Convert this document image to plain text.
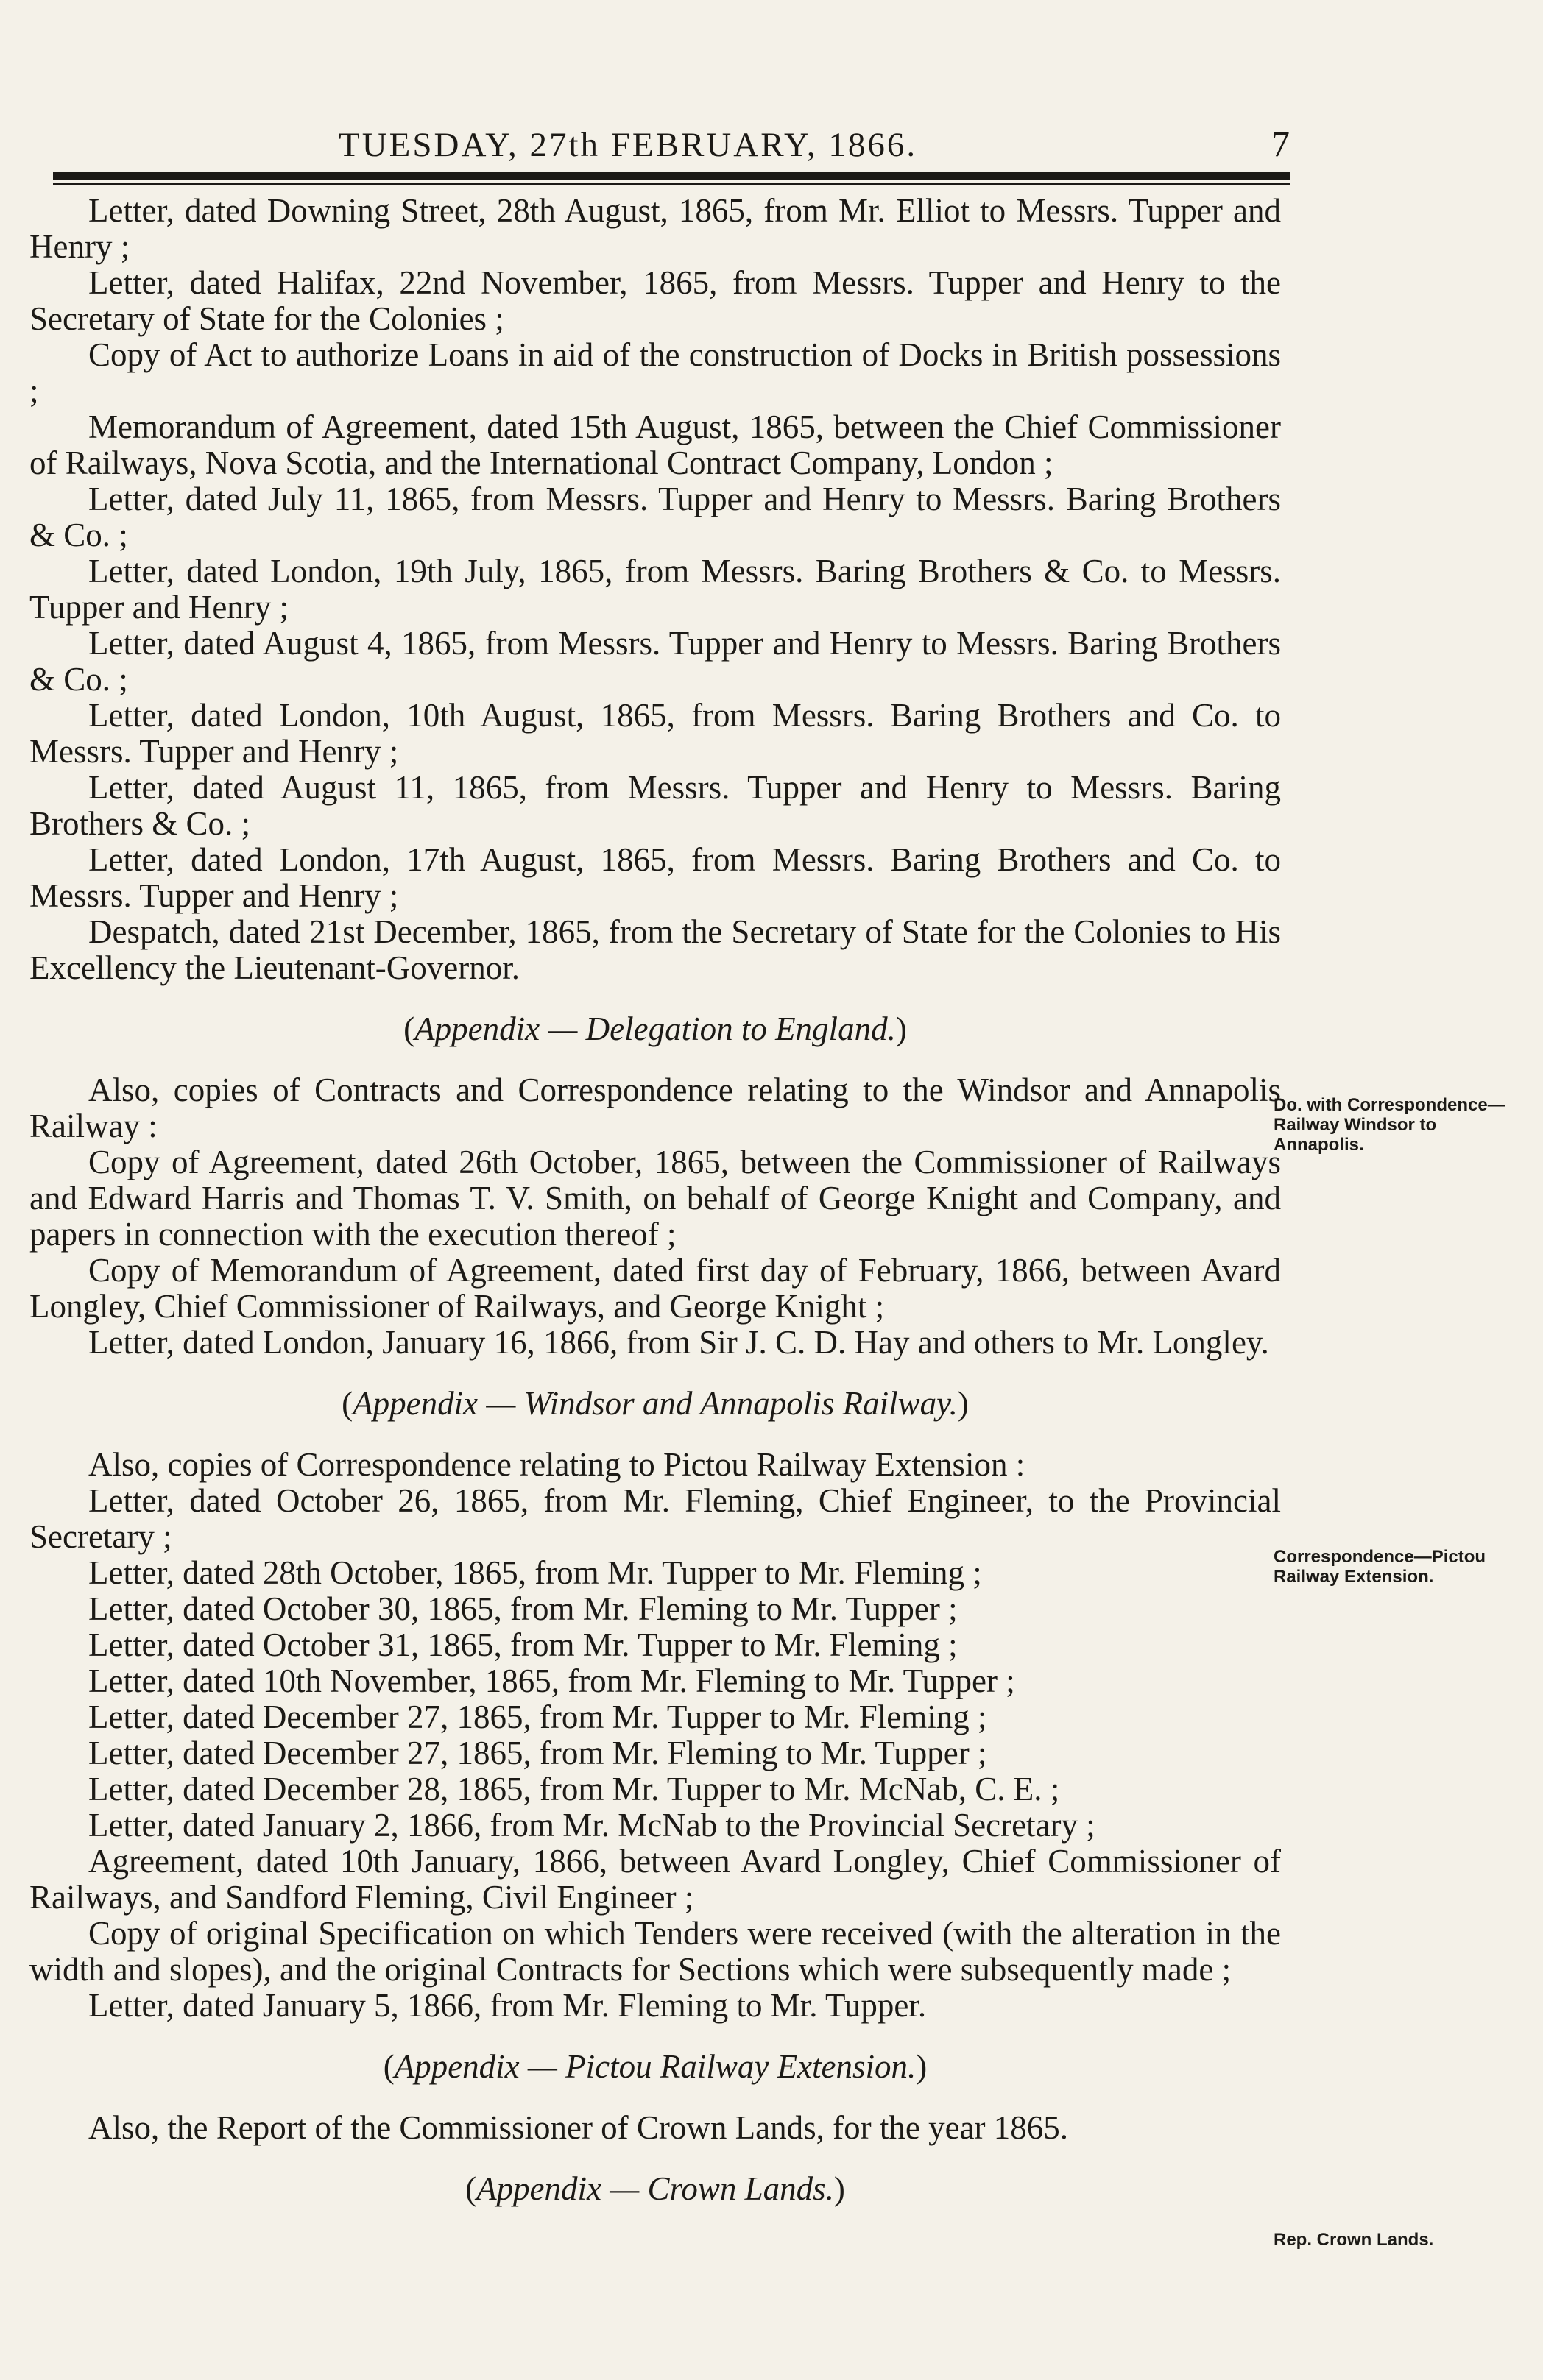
TUESDAY, 27th FEBRUARY, 1866.	7

Letter, dated Downing Street, 28th August, 1865, from Mr. Elliot to Messrs. Tupper and Henry ;

Letter, dated Halifax, 22nd November, 1865, from Messrs. Tupper and Henry to the Secretary of State for the Colonies ;

Copy of Act to authorize Loans in aid of the construction of Docks in British possessions ;

Memorandum of Agreement, dated 15th August, 1865, between the Chief Commissioner of Railways, Nova Scotia, and the International Contract Company, London ;

Letter, dated July 11, 1865, from Messrs. Tupper and Henry to Messrs. Baring Brothers & Co. ;

Letter, dated London, 19th July, 1865, from Messrs. Baring Brothers & Co. to Messrs. Tupper and Henry ;

Letter, dated August 4, 1865, from Messrs. Tupper and Henry to Messrs. Baring Brothers & Co. ;

Letter, dated London, 10th August, 1865, from Messrs. Baring Brothers and Co. to Messrs. Tupper and Henry ;

Letter, dated August 11, 1865, from Messrs. Tupper and Henry to Messrs. Baring Brothers & Co. ;

Letter, dated London, 17th August, 1865, from Messrs. Baring Brothers and Co. to Messrs. Tupper and Henry ;

Despatch, dated 21st December, 1865, from the Secretary of State for the Colonies to His Excellency the Lieutenant-Governor.

(Appendix — Delegation to England.)

Also, copies of Contracts and Correspondence relating to the Windsor and Annapolis Railway :

Copy of Agreement, dated 26th October, 1865, between the Commissioner of Railways and Edward Harris and Thomas T. V. Smith, on behalf of George Knight and Company, and papers in connection with the execution thereof ;

Copy of Memorandum of Agreement, dated first day of February, 1866, between Avard Longley, Chief Commissioner of Railways, and George Knight ;

Letter, dated London, January 16, 1866, from Sir J. C. D. Hay and others to Mr. Longley.

(Appendix — Windsor and Annapolis Railway.)

Also, copies of Correspondence relating to Pictou Railway Extension :

Letter, dated October 26, 1865, from Mr. Fleming, Chief Engineer, to the Provincial Secretary ;

Letter, dated 28th October, 1865, from Mr. Tupper to Mr. Fleming ;

Letter, dated October 30, 1865, from Mr. Fleming to Mr. Tupper ;

Letter, dated October 31, 1865, from Mr. Tupper to Mr. Fleming ;

Letter, dated 10th November, 1865, from Mr. Fleming to Mr. Tupper ;

Letter, dated December 27, 1865, from Mr. Tupper to Mr. Fleming ;

Letter, dated December 27, 1865, from Mr. Fleming to Mr. Tupper ;

Letter, dated December 28, 1865, from Mr. Tupper to Mr. McNab, C. E. ;

Letter, dated January 2, 1866, from Mr. McNab to the Provincial Secretary ;

Agreement, dated 10th January, 1866, between Avard Longley, Chief Commissioner of Railways, and Sandford Fleming, Civil Engineer ;

Copy of original Specification on which Tenders were received (with the alteration in the width and slopes), and the original Contracts for Sections which were subsequently made ;

Letter, dated January 5, 1866, from Mr. Fleming to Mr. Tupper.

(Appendix — Pictou Railway Extension.)

Also, the Report of the Commissioner of Crown Lands, for the year 1865.

(Appendix — Crown Lands.)

Do. with Correspondence—Railway Windsor to Annapolis.
Correspondence—Pictou Railway Extension.
Rep. Crown Lands.
